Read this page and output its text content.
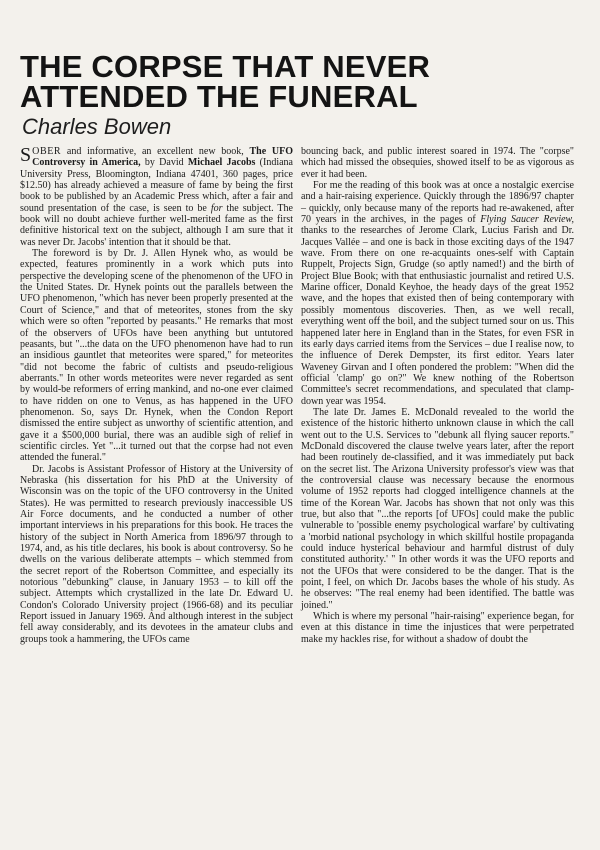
THE CORPSE THAT NEVER
ATTENDED THE FUNERAL
Charles Bowen

SOBER and informative, an excellent new book, The UFO Controversy in America, by David Michael Jacobs (Indiana University Press, Bloomington, Indiana 47401, 360 pages, price $12.50) has already achieved a measure of fame by being the first book to be published by an Academic Press which, after a fair and sound presentation of the case, is seen to be for the subject. The book will no doubt achieve further well-merited fame as the first definitive historical text on the subject, although I am sure that it was never Dr. Jacobs' intention that it should be that.

The foreword is by Dr. J. Allen Hynek who, as would be expected, features prominently in a work which puts into perspective the developing scene of the phenomenon of the UFO in the United States. Dr. Hynek points out the parallels between the UFO phenomenon, "which has never been properly presented at the Court of Science," and that of meteorites, stones from the sky which were so often "reported by peasants." He remarks that most of the observers of UFOs have been anything but untutored peasants, but "...the data on the UFO phenomenon have had to run an insidious gauntlet that meteorites were spared," for meteorites "did not become the fabric of cultists and pseudo-religious aberrants." In other words meteorites were never regarded as sent by would-be reformers of erring mankind, and no-one ever claimed to have ridden on one to Venus, as has happened in the UFO phenomenon. So, says Dr. Hynek, when the Condon Report dismissed the entire subject as unworthy of scientific attention, and gave it a $500,000 burial, there was an audible sigh of relief in scientific circles. Yet "...it turned out that the corpse had not even attended the funeral."

Dr. Jacobs is Assistant Professor of History at the University of Nebraska (his dissertation for his PhD at the University of Wisconsin was on the topic of the UFO controversy in the United States). He was permitted to research previously inaccessible US Air Force documents, and he conducted a number of other important interviews in his preparations for this book. He traces the history of the subject in North America from 1896/97 through to 1974, and, as his title declares, his book is about controversy. So he dwells on the various deliberate attempts – which stemmed from the secret report of the Robertson Committee, and especially its notorious "debunking" clause, in January 1953 – to kill off the subject. Attempts which crystallized in the late Dr. Edward U. Condon's Colorado University project (1966-68) and its peculiar Report issued in January 1969. And although interest in the subject fell away considerably, and its devotees in the amateur clubs and groups took a hammering, the UFOs came

bouncing back, and public interest soared in 1974. The "corpse" which had missed the obsequies, showed itself to be as vigorous as ever it had been.

For me the reading of this book was at once a nostalgic exercise and a hair-raising experience. Quickly through the 1896/97 chapter – quickly, only because many of the reports had re-awakened, after 70 years in the archives, in the pages of Flying Saucer Review, thanks to the researches of Jerome Clark, Lucius Farish and Dr. Jacques Vallée – and one is back in those exciting days of the 1947 wave. From there on one re-acquaints ones-self with Captain Ruppelt, Projects Sign, Grudge (so aptly named!) and the birth of Project Blue Book; with that enthusiastic journalist and retired U.S. Marine officer, Donald Keyhoe, the heady days of the great 1952 wave, and the hopes that existed then of being contemporary with possibly momentous discoveries. Then, as we well recall, everything went off the boil, and the subject turned sour on us. This happened later here in England than in the States, for even FSR in its early days carried items from the Services – due I realise now, to the influence of Derek Dempster, its first editor. Years later Waveney Girvan and I often pondered the problem: "When did the official 'clamp' go on?" We knew nothing of the Robertson Committee's secret recommendations, and speculated that clamp-down year was 1954.

The late Dr. James E. McDonald revealed to the world the existence of the historic hitherto unknown clause in which the call went out to the U.S. Services to "debunk all flying saucer reports." McDonald discovered the clause twelve years later, after the report had been routinely de-classified, and it was immediately put back on the secret list. The Arizona University professor's view was that the controversial clause was necessary because the enormous volume of 1952 reports had clogged intelligence channels at the time of the Korean War. Jacobs has shown that not only was this true, but also that "...the reports [of UFOs] could make the public vulnerable to 'possible enemy psychological warfare' by cultivating a 'morbid national psychology in which skillful hostile propaganda could induce hysterical behaviour and harmful distrust of duly constituted authority.' " In other words it was the UFO reports and not the UFOs that were considered to be the danger. That is the point, I feel, on which Dr. Jacobs bases the whole of his study. As he observes: "The real enemy had been identified. The battle was joined."

Which is where my personal "hair-raising" experience began, for even at this distance in time the injustices that were perpetrated make my hackles rise, for without a shadow of doubt the
